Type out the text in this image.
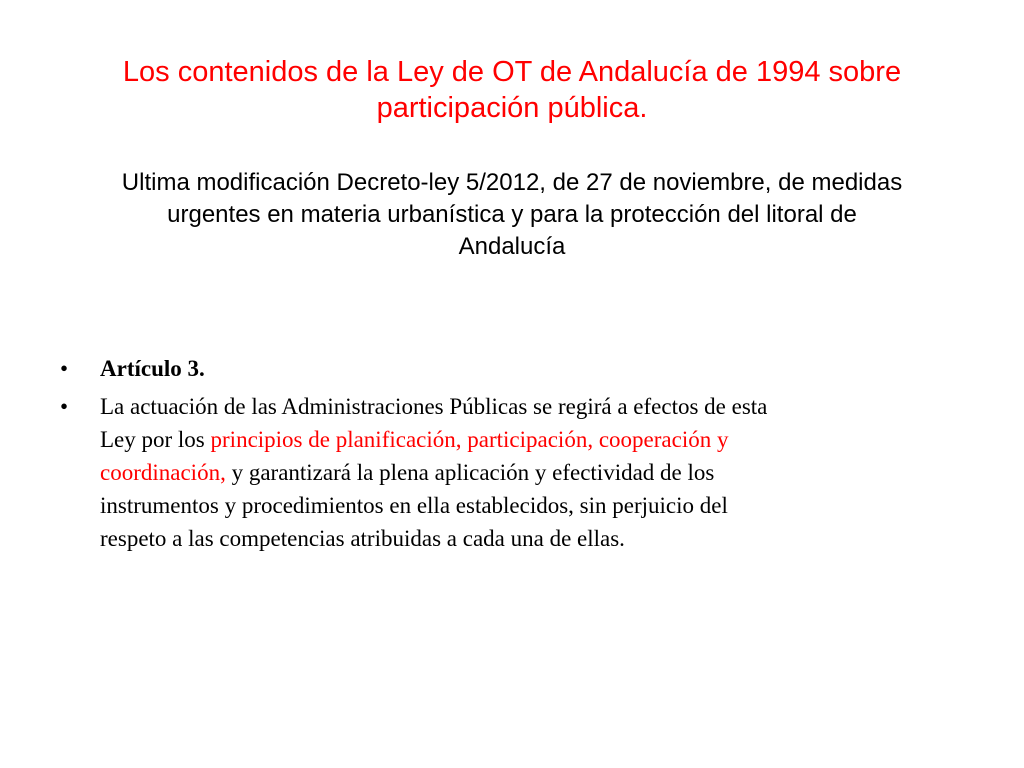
Los contenidos de la Ley de OT de Andalucía de 1994 sobre
participación pública.
Ultima modificación Decreto-ley 5/2012, de 27 de noviembre, de medidas
urgentes en materia urbanística y para la protección del litoral de
Andalucía
• Artículo 3.
• La actuación de las Administraciones Públicas se regirá a efectos de esta
Ley por los principios de planificación, participación, cooperación y
coordinación, y garantizará la plena aplicación y efectividad de los
instrumentos y procedimientos en ella establecidos, sin perjuicio del
respeto a las competencias atribuidas a cada una de ellas.
